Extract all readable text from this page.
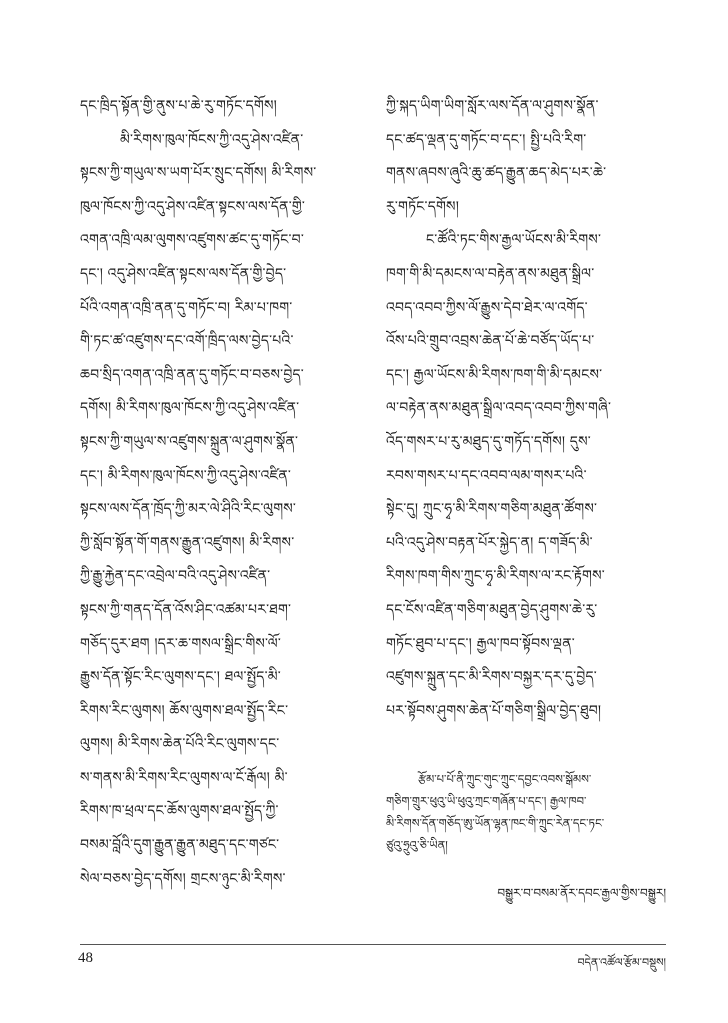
དང་ཁྲིད་སྟོན་གྱི་ནུས་པ་ཆེ་རུ་གཏོང་དགོས།
མི་རིགས་ཁུལ་ཁོངས་ཀྱི་འདུ་ཤེས་འཛིན་
སྟངས་ཀྱི་གཡུལ་ས་ཡག་པོར་སྲུང་དགོས། མི་རིགས་
ཁུལ་ཁོངས་ཀྱི་འདུ་ཤེས་འཛིན་སྟངས་ལས་དོན་གྱི་
འགན་འཁྲི་ལམ་ལུགས་འཛུགས་ཚང་དུ་གཏོང་བ་
དང་། འདུ་ཤེས་འཛིན་སྟངས་ལས་དོན་གྱི་བྱེད་
པོའི་འགན་འཁྲི་ནན་དུ་གཏོང་བ། རིམ་པ་ཁག་
གི་ཏང་ཚ་འཛུགས་དང་འགོ་ཁྲིད་ལས་བྱེད་པའི་
ཆབ་སྲིད་འགན་འཁྲི་ནན་དུ་གཏོང་བ་བཅས་བྱེད་
དགོས། མི་རིགས་ཁུལ་ཁོངས་ཀྱི་འདུ་ཤེས་འཛིན་
སྟངས་ཀྱི་གཡུལ་ས་འཛུགས་སྐྲུན་ལ་ཤུགས་སྣོན་
དང་། མི་རིགས་ཁུལ་ཁོངས་ཀྱི་འདུ་ཤེས་འཛིན་
སྟངས་ལས་དོན་ཁྲོད་ཀྱི་མར་ལེ་ཤིའི་རིང་ལུགས་
ཀྱི་སློབ་སྟོན་གོ་གནས་རྒྱུན་འཛུགས། མི་རིགས་
ཀྱི་རྒྱུ་རྐྱེན་དང་འབྲེལ་བའི་འདུ་ཤེས་འཛིན་
སྟངས་ཀྱི་གནད་དོན་འོས་ཤིང་འཚམ་པར་ཐག་
གཅོད་དུར་ཐག །དར་ཆ་གསལ་སྒྲིང་གིས་ལོ་
རྒྱུས་དོན་སྟོང་རིང་ལུགས་དང་། ཐལ་སྤྱོད་མི་
རིགས་རིང་ལུགས། ཆོས་ལུགས་ཐལ་སྤྱོད་རིང་
ལུགས། མི་རིགས་ཆེན་པོའི་རིང་ལུགས་དང་
ས་གནས་མི་རིགས་རིང་ལུགས་ལ་ངོ་རྒོལ། མི་
རིགས་ཁ་ཕྲལ་དང་ཆོས་ལུགས་ཐལ་སྤྱོད་ཀྱི་
བསམ་བློའི་དུག་རྒྱུན་རྒྱུན་མཐུད་དང་གཙང་
སེལ་བཅས་བྱེད་དགོས། གྲངས་ཉུང་མི་རིགས་
ཀྱི་སྐད་ཡིག་ཡིག་སློར་ལས་དོན་ལ་ཤུགས་སྣོན་
དང་ཚད་ལྡན་དུ་གཏོང་བ་དང་། སྤྱི་པའི་རིག་
གནས་ཞབས་ཞུའི་ཆུ་ཚད་རྒྱུན་ཆད་མེད་པར་ཆེ་
རུ་གཏོང་དགོས།
ང་ཚོའི་ཏང་གིས་རྒྱལ་ཡོངས་མི་རིགས་
ཁག་གི་མི་དམངས་ལ་བརྟེན་ནས་མཐུན་སྒྲིལ་
འབད་འབབ་ཀྱིས་ལོ་རྒྱུས་དེབ་ཐེར་ལ་འགོད་
འོས་པའི་གྲུབ་འབྲས་ཆེན་པོ་ཆེ་བཙོད་ཡོད་པ་
དང་། རྒྱལ་ཡོངས་མི་རིགས་ཁག་གི་མི་དམངས་
ལ་བརྟེན་ནས་མཐུན་སྒྲིལ་འབད་འབབ་ཀྱིས་གཞི་
འོད་གསར་པ་རུ་མཐུད་དུ་གཏོད་དགོས། དུས་
རབས་གསར་པ་དང་འབབ་ལམ་གསར་པའི་
སྟེང་དུ། ཀྲུང་ཧྭ་མི་རིགས་གཅིག་མཐུན་ཚོགས་
པའི་འདུ་ཤེས་བརྟན་པོར་སྐྱེད་ན། ད་གཟོད་མི་
རིགས་ཁག་གིས་ཀྲུང་ཧྭ་མི་རིགས་ལ་རང་རྟོགས་
དང་ངོས་འཛིན་གཅིག་མཐུན་བྱེད་ཤུགས་ཆེ་རུ་
གཏོང་ཐུབ་པ་དང་། རྒྱལ་ཁབ་སྟོབས་ལྡན་
འཛུགས་སྐྲུན་དང་མི་རིགས་བསྐྱར་དར་དུ་བྱེད་
པར་སྟོབས་ཤུགས་ཆེན་པོ་གཅིག་སྒྲིལ་བྱེད་ཐུབ།
རྩོམ་པ་པོ་ནི་ཀྲུང་གུང་ཀྲུང་དབྱང་འབས་སྒོམས་
གཅིག་གྲུར་ཕུའུ་ཡི་ཕུའུ་ཀྲང་གཞོན་པ་དང་། རྒྱལ་ཁབ་
མི་རིགས་དོན་གཅོད་ཨུ་ཡོན་ལྷན་ཁང་གི་ཀྲུང་རེན་དང་ཏང་
ཙུའུ་ཧྲུའུ་ཅི་ཡིན།
བསྒྱུར་བ་བསམ་ནོར་དབང་རྒྱལ་གྱིས་བསྒྱུར།
48	བདེན་འཚོལ་རྩོམ་བསྡུས།
